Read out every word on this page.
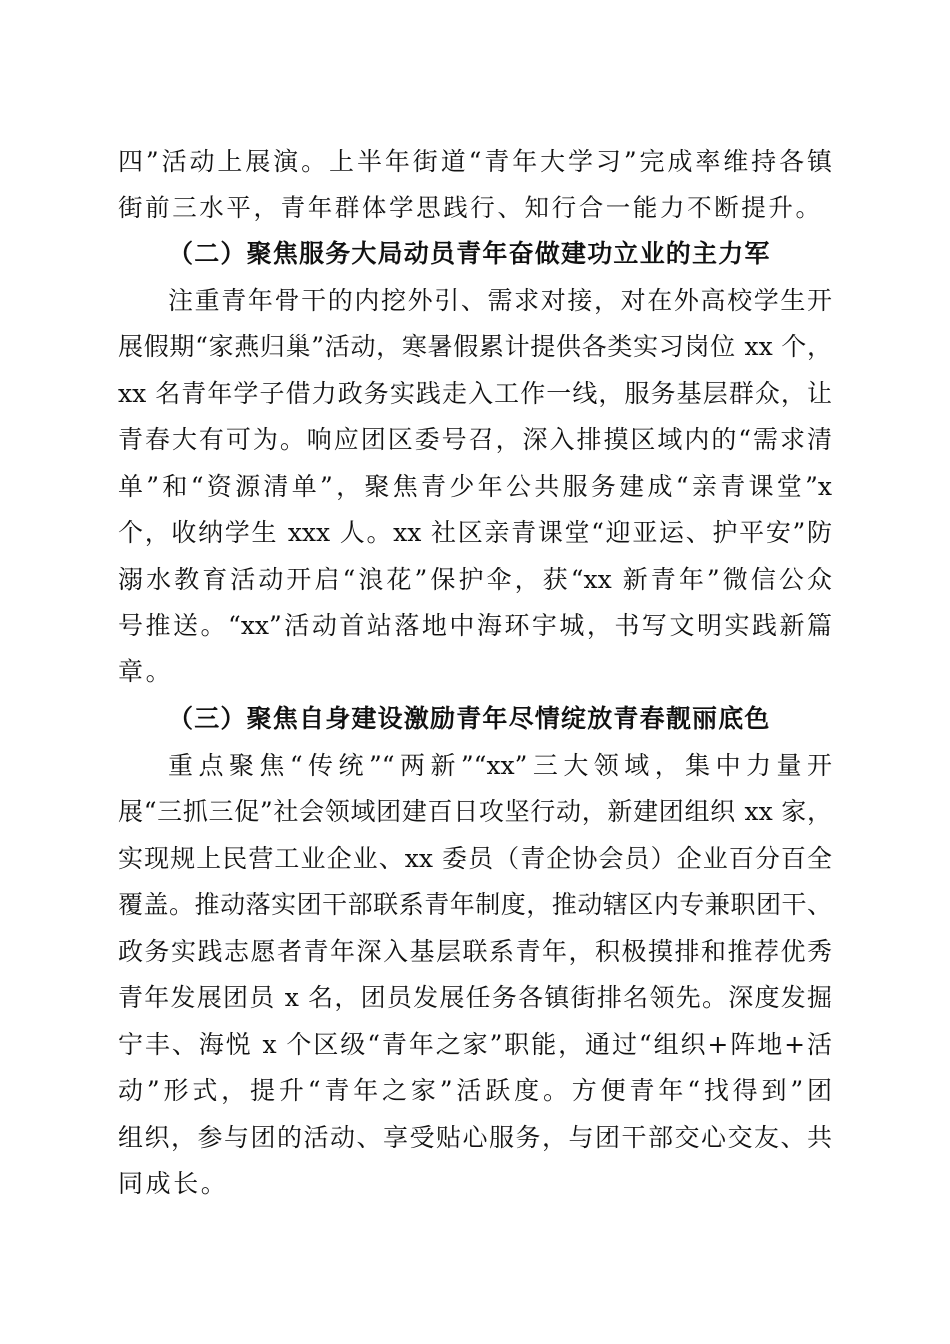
四”活动上展演。上半年街道“青年大学习”完成率维持各镇
街前三水平，青年群体学思践行、知行合一能力不断提升。
（二）聚焦服务大局动员青年奋做建功立业的主力军
注重青年骨干的内挖外引、需求对接，对在外高校学生开
展假期“家燕归巢”活动，寒暑假累计提供各类实习岗位 xx 个，
xx 名青年学子借力政务实践走入工作一线，服务基层群众，让
青春大有可为。响应团区委号召，深入排摸区域内的“需求清
单”和“资源清单”，聚焦青少年公共服务建成“亲青课堂”x
个，收纳学生 xxx 人。xx 社区亲青课堂“迎亚运、护平安”防
溺水教育活动开启“浪花”保护伞，获“xx 新青年”微信公众
号推送。“xx”活动首站落地中海环宇城，书写文明实践新篇
章。
（三）聚焦自身建设激励青年尽情绽放青春靓丽底色
重点聚焦“传统”“两新”“xx”三大领域，集中力量开
展“三抓三促”社会领域团建百日攻坚行动，新建团组织 xx 家，
实现规上民营工业企业、xx 委员（青企协会员）企业百分百全
覆盖。推动落实团干部联系青年制度，推动辖区内专兼职团干、
政务实践志愿者青年深入基层联系青年，积极摸排和推荐优秀
青年发展团员 x 名，团员发展任务各镇街排名领先。深度发掘
宁丰、海悦 x 个区级“青年之家”职能，通过“组织+阵地+活
动”形式，提升“青年之家”活跃度。方便青年“找得到”团
组织，参与团的活动、享受贴心服务，与团干部交心交友、共
同成长。
